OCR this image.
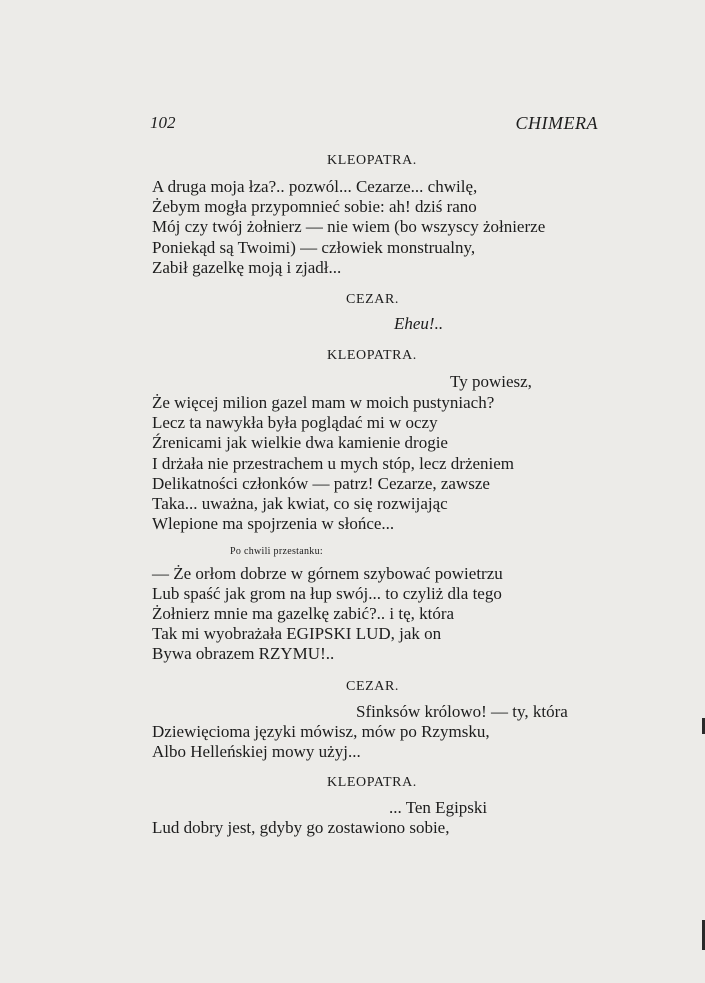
102	CHIMERA
KLEOPATRA.
A druga moja łza?.. pozwól... Cezarze... chwilę,
Żebym mogła przypomnieć sobie: ah! dziś rano
Mój czy twój żołnierz — nie wiem (bo wszyscy żołnierze
Poniekąd są Twoimi) — człowiek monstrualny,
Zabił gazelkę moją i zjadł...
CEZAR.
Eheu!..
KLEOPATRA.
Ty powiesz,
Że więcej milion gazel mam w moich pustyniach?
Lecz ta nawykła była poglądać mi w oczy
Źrenicami jak wielkie dwa kamienie drogie
I drżała nie przestrachem u mych stóp, lecz drżeniem
Delikatności członków — patrz! Cezarze, zawsze
Taka... uważna, jak kwiat, co się rozwijając
Wlepione ma spojrzenia w słońce...
Po chwili przestanku:
— Że orłom dobrze w górnem szybować powietrzu
Lub spaść jak grom na łup swój... to czyliż dla tego
Żołnierz mnie ma gazelkę zabić?.. i tę, która
Tak mi wyobrażała EGIPSKI LUD, jak on
Bywa obrazem RZYMU!..
CEZAR.
Sfinksów królowo! — ty, która
Dziewięcioma języki mówisz, mów po Rzymsku,
Albo Helleńskiej mowy użyj...
KLEOPATRA.
... Ten Egipski
Lud dobry jest, gdyby go zostawiono sobie,
